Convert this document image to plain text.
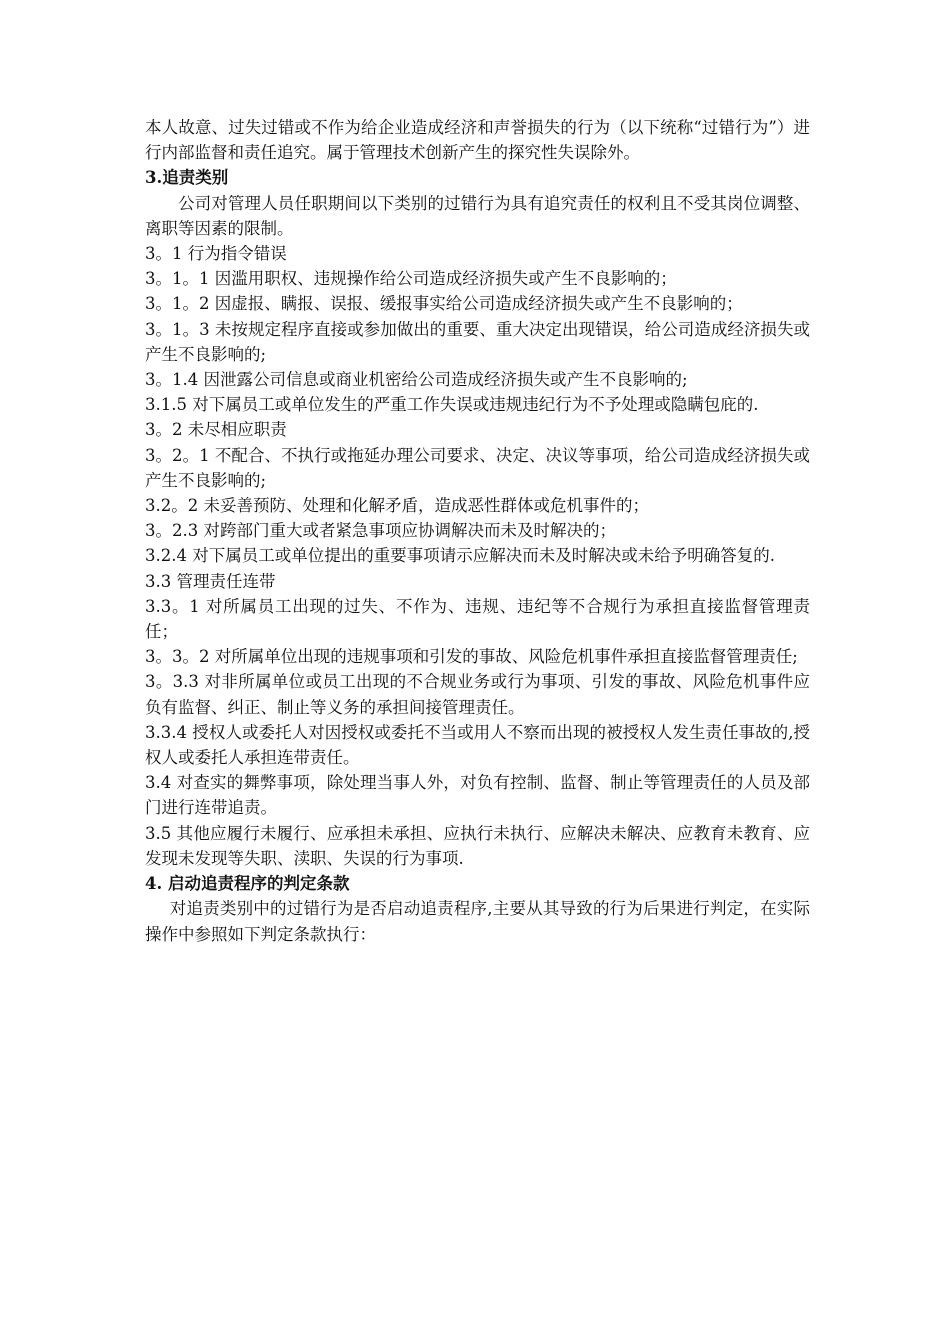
本人故意、过失过错或不作为给企业造成经济和声誉损失的行为（以下统称“过错行为”）进行内部监督和责任追究。属于管理技术创新产生的探究性失误除外。

3.追责类别

公司对管理人员任职期间以下类别的过错行为具有追究责任的权利且不受其岗位调整、离职等因素的限制。

3。1 行为指令错误

3。1。1 因滥用职权、违规操作给公司造成经济损失或产生不良影响的；

3。1。2 因虚报、瞒报、误报、缓报事实给公司造成经济损失或产生不良影响的；

3。1。3 未按规定程序直接或参加做出的重要、重大决定出现错误，给公司造成经济损失或产生不良影响的;

3。1.4 因泄露公司信息或商业机密给公司造成经济损失或产生不良影响的;

3.1.5 对下属员工或单位发生的严重工作失误或违规违纪行为不予处理或隐瞒包庇的.

3。2 未尽相应职责

3。2。1 不配合、不执行或拖延办理公司要求、决定、决议等事项，给公司造成经济损失或产生不良影响的;

3.2。2 未妥善预防、处理和化解矛盾，造成恶性群体或危机事件的；

3。2.3 对跨部门重大或者紧急事项应协调解决而未及时解决的；

3.2.4 对下属员工或单位提出的重要事项请示应解决而未及时解决或未给予明确答复的.

3.3 管理责任连带

3.3。1 对所属员工出现的过失、不作为、违规、违纪等不合规行为承担直接监督管理责任；

3。3。2 对所属单位出现的违规事项和引发的事故、风险危机事件承担直接监督管理责任;

3。3.3 对非所属单位或员工出现的不合规业务或行为事项、引发的事故、风险危机事件应负有监督、纠正、制止等义务的承担间接管理责任。

3.3.4 授权人或委托人对因授权或委托不当或用人不察而出现的被授权人发生责任事故的,授权人或委托人承担连带责任。

3.4 对查实的舞弊事项，除处理当事人外，对负有控制、监督、制止等管理责任的人员及部门进行连带追责。

3.5 其他应履行未履行、应承担未承担、应执行未执行、应解决未解决、应教育未教育、应发现未发现等失职、渎职、失误的行为事项.

4. 启动追责程序的判定条款

对追责类别中的过错行为是否启动追责程序,主要从其导致的行为后果进行判定，在实际操作中参照如下判定条款执行：
